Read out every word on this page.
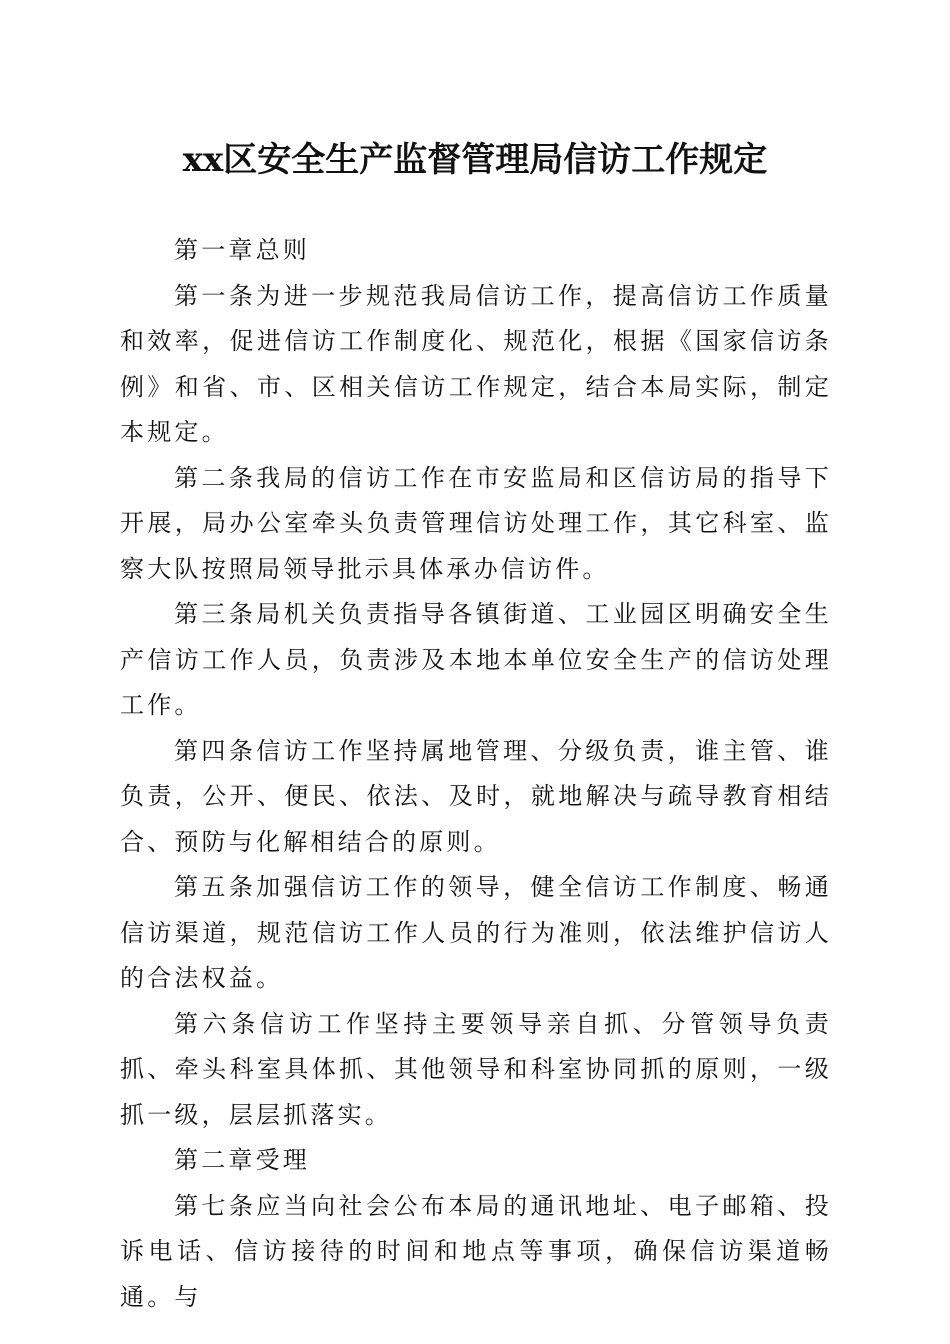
xx区安全生产监督管理局信访工作规定

第一章总则

第一条为进一步规范我局信访工作，提高信访工作质量和效率，促进信访工作制度化、规范化，根据《国家信访条例》和省、市、区相关信访工作规定，结合本局实际，制定本规定。

第二条我局的信访工作在市安监局和区信访局的指导下开展，局办公室牵头负责管理信访处理工作，其它科室、监察大队按照局领导批示具体承办信访件。

第三条局机关负责指导各镇街道、工业园区明确安全生产信访工作人员，负责涉及本地本单位安全生产的信访处理工作。

第四条信访工作坚持属地管理、分级负责，谁主管、谁负责，公开、便民、依法、及时，就地解决与疏导教育相结合、预防与化解相结合的原则。

第五条加强信访工作的领导，健全信访工作制度、畅通信访渠道，规范信访工作人员的行为准则，依法维护信访人的合法权益。

第六条信访工作坚持主要领导亲自抓、分管领导负责抓、牵头科室具体抓、其他领导和科室协同抓的原则，一级抓一级，层层抓落实。

第二章受理

第七条应当向社会公布本局的通讯地址、电子邮箱、投诉电话、信访接待的时间和地点等事项，确保信访渠道畅通。与
